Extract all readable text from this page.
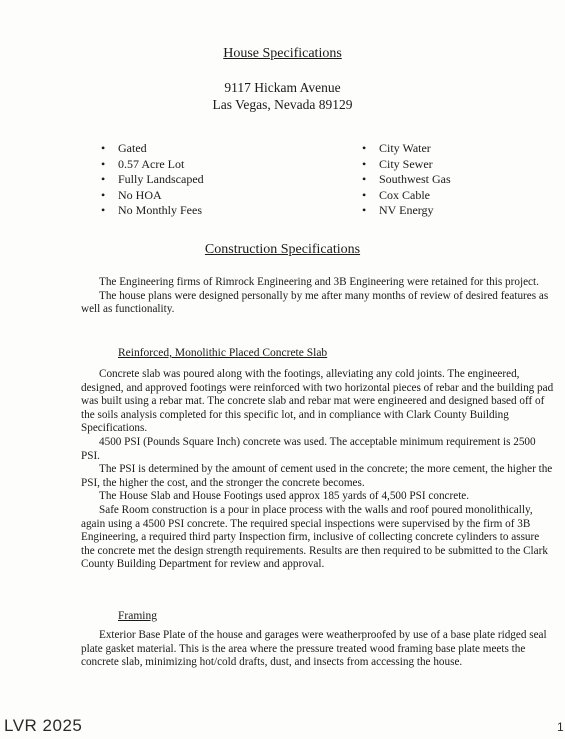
House Specifications
9117 Hickam Avenue
Las Vegas, Nevada 89129
• Gated
• 0.57 Acre Lot
• Fully Landscaped
• No HOA
• No Monthly Fees
• City Water
• City Sewer
• Southwest Gas
• Cox Cable
• NV Energy
Construction Specifications

The Engineering firms of Rimrock Engineering and 3B Engineering were retained for this project.

The house plans were designed personally by me after many months of review of desired features as well as functionality.

Reinforced, Monolithic Placed Concrete Slab

Concrete slab was poured along with the footings, alleviating any cold joints. The engineered, designed, and approved footings were reinforced with two horizontal pieces of rebar and the building pad was built using a rebar mat. The concrete slab and rebar mat were engineered and designed based off of the soils analysis completed for this specific lot, and in compliance with Clark County Building Specifications.

4500 PSI (Pounds Square Inch) concrete was used. The acceptable minimum requirement is 2500 PSI.

The PSI is determined by the amount of cement used in the concrete; the more cement, the higher the PSI, the higher the cost, and the stronger the concrete becomes.

The House Slab and House Footings used approx 185 yards of 4,500 PSI concrete.

Safe Room construction is a pour in place process with the walls and roof poured monolithically, again using a 4500 PSI concrete. The required special inspections were supervised by the firm of 3B Engineering, a required third party Inspection firm, inclusive of collecting concrete cylinders to assure the concrete met the design strength requirements. Results are then required to be submitted to the Clark County Building Department for review and approval.

Framing

Exterior Base Plate of the house and garages were weatherproofed by use of a base plate ridged seal plate gasket material. This is the area where the pressure treated wood framing base plate meets the concrete slab, minimizing hot/cold drafts, dust, and insects from accessing the house.

LVR 2025	1
